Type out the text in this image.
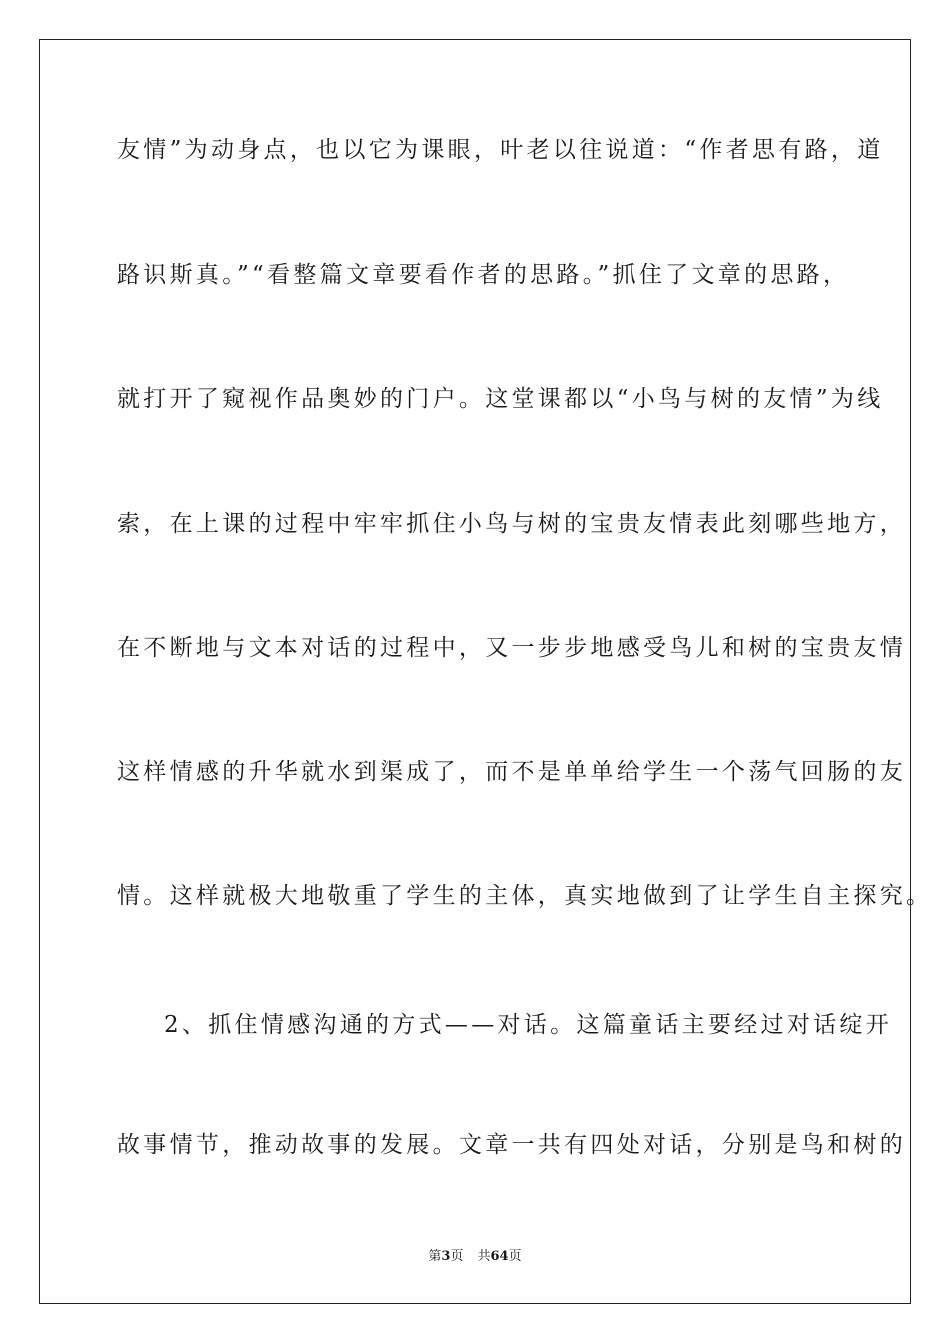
友情”为动身点，也以它为课眼，叶老以往说道：“作者思有路，道
路识斯真。”“看整篇文章要看作者的思路。”抓住了文章的思路，
就打开了窥视作品奥妙的门户。这堂课都以“小鸟与树的友情”为线
索，在上课的过程中牢牢抓住小鸟与树的宝贵友情表此刻哪些地方，
在不断地与文本对话的过程中，又一步步地感受鸟儿和树的宝贵友情
这样情感的升华就水到渠成了，而不是单单给学生一个荡气回肠的友
情。这样就极大地敬重了学生的主体，真实地做到了让学生自主探究。
2、抓住情感沟通的方式——对话。这篇童话主要经过对话绽开
故事情节，推动故事的发展。文章一共有四处对话，分别是鸟和树的
第3页 共64页
